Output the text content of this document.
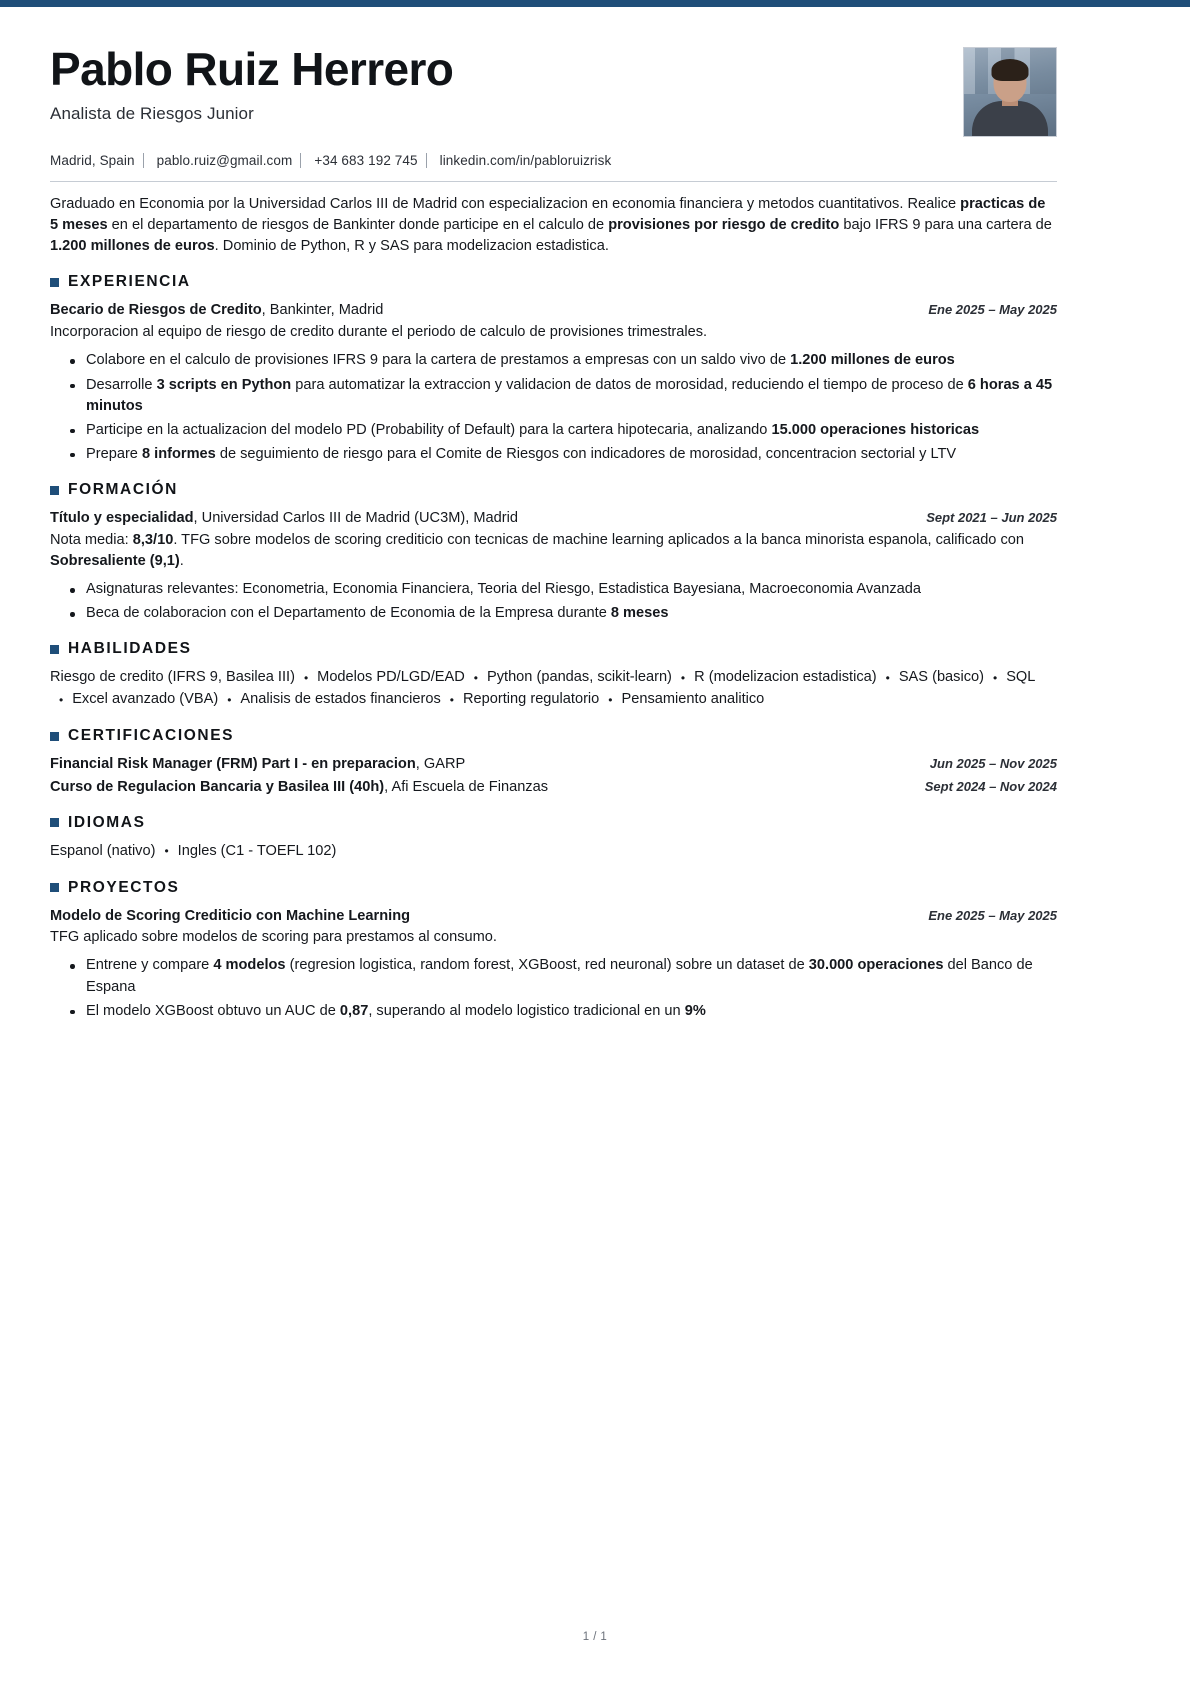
Pablo Ruiz Herrero
Analista de Riesgos Junior
Madrid, Spain pablo.ruiz@gmail.com +34 683 192 745 linkedin.com/in/pabloruizrisk
Graduado en Economia por la Universidad Carlos III de Madrid con especializacion en economia financiera y metodos cuantitativos. Realice practicas de 5 meses en el departamento de riesgos de Bankinter donde participe en el calculo de provisiones por riesgo de credito bajo IFRS 9 para una cartera de 1.200 millones de euros. Dominio de Python, R y SAS para modelizacion estadistica.
EXPERIENCIA
Becario de Riesgos de Credito, Bankinter, Madrid	Ene 2025 – May 2025
Incorporacion al equipo de riesgo de credito durante el periodo de calculo de provisiones trimestrales.
Colabore en el calculo de provisiones IFRS 9 para la cartera de prestamos a empresas con un saldo vivo de 1.200 millones de euros
Desarrolle 3 scripts en Python para automatizar la extraccion y validacion de datos de morosidad, reduciendo el tiempo de proceso de 6 horas a 45 minutos
Participe en la actualizacion del modelo PD (Probability of Default) para la cartera hipotecaria, analizando 15.000 operaciones historicas
Prepare 8 informes de seguimiento de riesgo para el Comite de Riesgos con indicadores de morosidad, concentracion sectorial y LTV
FORMACIÓN
Título y especialidad, Universidad Carlos III de Madrid (UC3M), Madrid	Sept 2021 – Jun 2025
Nota media: 8,3/10. TFG sobre modelos de scoring crediticio con tecnicas de machine learning aplicados a la banca minorista espanola, calificado con Sobresaliente (9,1).
Asignaturas relevantes: Econometria, Economia Financiera, Teoria del Riesgo, Estadistica Bayesiana, Macroeconomia Avanzada
Beca de colaboracion con el Departamento de Economia de la Empresa durante 8 meses
HABILIDADES
Riesgo de credito (IFRS 9, Basilea III) • Modelos PD/LGD/EAD • Python (pandas, scikit-learn) • R (modelizacion estadistica) • SAS (basico) • SQL• Excel avanzado (VBA) • Analisis de estados financieros • Reporting regulatorio • Pensamiento analitico
CERTIFICACIONES
Financial Risk Manager (FRM) Part I - en preparacion, GARP	Jun 2025 – Nov 2025
Curso de Regulacion Bancaria y Basilea III (40h), Afi Escuela de Finanzas	Sept 2024 – Nov 2024
IDIOMAS
Espanol (nativo) • Ingles (C1 - TOEFL 102)
PROYECTOS
Modelo de Scoring Crediticio con Machine Learning	Ene 2025 – May 2025
TFG aplicado sobre modelos de scoring para prestamos al consumo.
Entrene y compare 4 modelos (regresion logistica, random forest, XGBoost, red neuronal) sobre un dataset de 30.000 operaciones del Banco de Espana
El modelo XGBoost obtuvo un AUC de 0,87, superando al modelo logistico tradicional en un 9%
1 / 1
